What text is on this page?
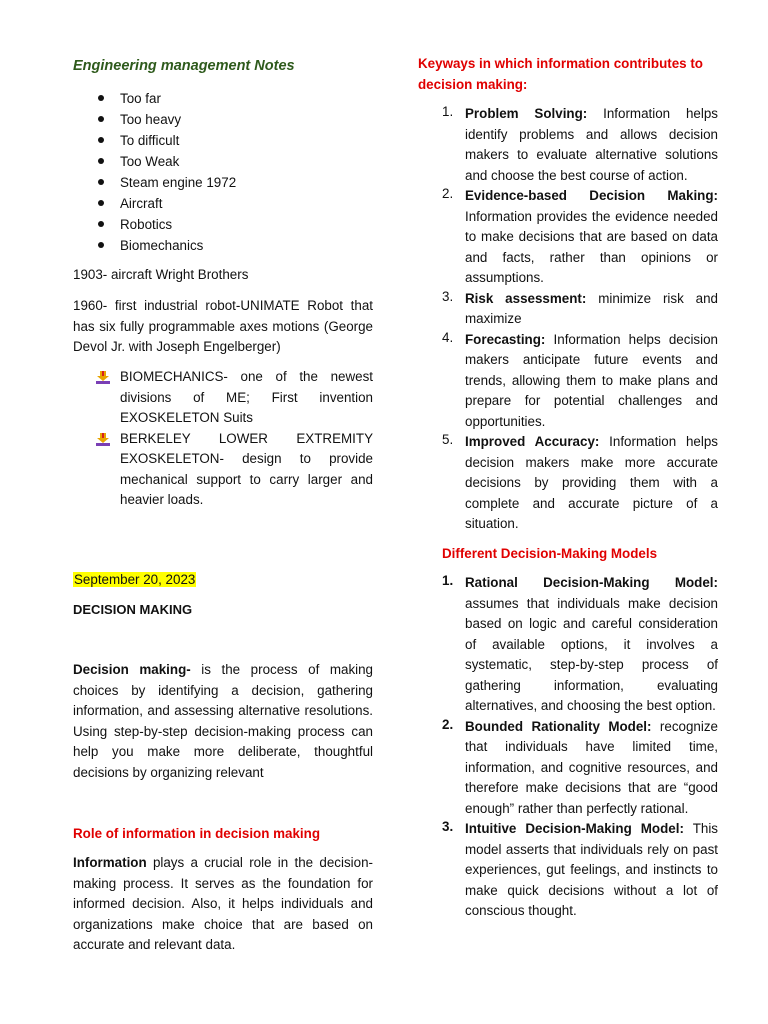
Engineering management Notes
Too far
Too heavy
To difficult
Too Weak
Steam engine 1972
Aircraft
Robotics
Biomechanics

1903- aircraft Wright Brothers

1960- first industrial robot-UNIMATE Robot that has six fully programmable axes motions (George Devol Jr. with Joseph Engelberger)

BIOMECHANICS- one of the newest divisions of ME; First invention EXOSKELETON Suits

BERKELEY LOWER EXTREMITY EXOSKELETON- design to provide mechanical support to carry larger and heavier loads.

September 20, 2023

DECISION MAKING

Decision making- is the process of making choices by identifying a decision, gathering information, and assessing alternative resolutions. Using step-by-step decision-making process can help you make more deliberate, thoughtful decisions by organizing relevant

Role of information in decision making

Information plays a crucial role in the decision-making process. It serves as the foundation for informed decision. Also, it helps individuals and organizations make choice that are based on accurate and relevant data.

Keyways in which information contributes to decision making:

1. Problem Solving: Information helps identify problems and allows decision makers to evaluate alternative solutions and choose the best course of action.

2. Evidence-based Decision Making: Information provides the evidence needed to make decisions that are based on data and facts, rather than opinions or assumptions.

3. Risk assessment: minimize risk and maximize

4. Forecasting: Information helps decision makers anticipate future events and trends, allowing them to make plans and prepare for potential challenges and opportunities.

5. Improved Accuracy: Information helps decision makers make more accurate decisions by providing them with a complete and accurate picture of a situation.

Different Decision-Making Models

1. Rational Decision-Making Model: assumes that individuals make decision based on logic and careful consideration of available options, it involves a systematic, step-by-step process of gathering information, evaluating alternatives, and choosing the best option.

2. Bounded Rationality Model: recognize that individuals have limited time, information, and cognitive resources, and therefore make decisions that are “good enough” rather than perfectly rational.

3. Intuitive Decision-Making Model: This model asserts that individuals rely on past experiences, gut feelings, and instincts to make quick decisions without a lot of conscious thought.
